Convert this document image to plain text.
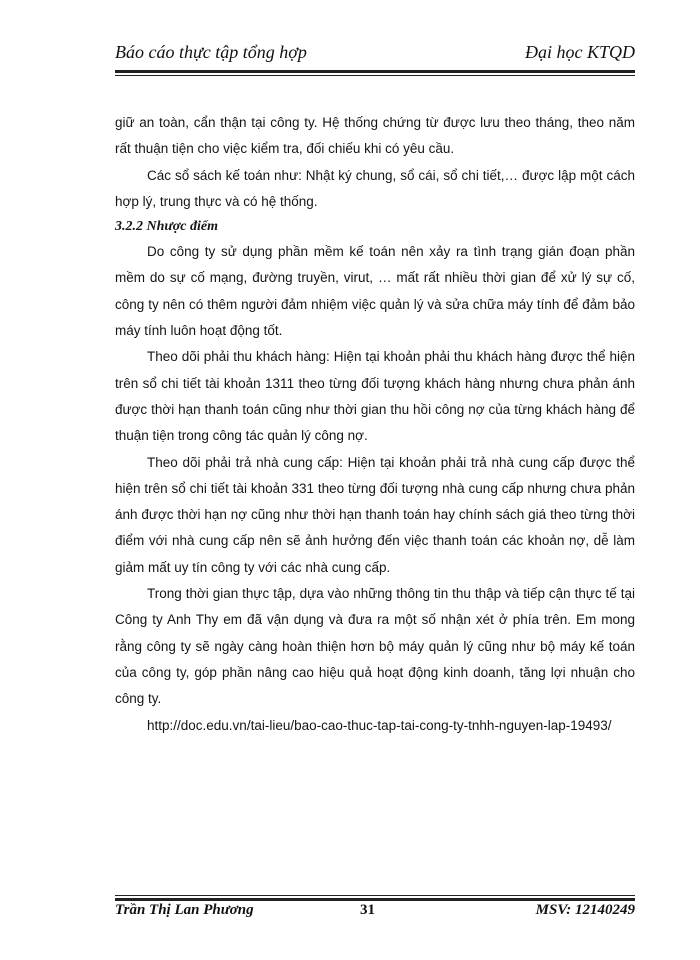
Báo cáo thực tập tổng hợp	Đại học KTQD

giữ an toàn, cẩn thận tại công ty. Hệ thống chứng từ được lưu theo tháng, theo năm rất thuận tiện cho việc kiểm tra, đối chiếu khi có yêu cầu.

Các sổ sách kế toán như: Nhật ký chung, sổ cái, sổ chi tiết,… được lập một cách hợp lý, trung thực và có hệ thống.

3.2.2 Nhược điểm

Do công ty sử dụng phần mềm kế toán nên xảy ra tình trạng gián đoạn phần mềm do sự cố mạng, đường truyền, virut, … mất rất nhiều thời gian để xử lý sự cố, công ty nên có thêm người đảm nhiệm việc quản lý và sửa chữa máy tính để đảm bảo máy tính luôn hoạt động tốt.

Theo dõi phải thu khách hàng: Hiện tại khoản phải thu khách hàng được thể hiện trên sổ chi tiết tài khoản 1311 theo từng đối tượng khách hàng nhưng chưa phản ánh được thời hạn thanh toán cũng như thời gian thu hồi công nợ của từng khách hàng để thuận tiện trong công tác quản lý công nợ.

Theo dõi phải trả nhà cung cấp: Hiện tại khoản phải trả nhà cung cấp được thể hiện trên sổ chi tiết tài khoản 331 theo từng đối tượng nhà cung cấp nhưng chưa phản ánh được thời hạn nợ cũng như thời hạn thanh toán hay chính sách giá theo từng thời điểm với nhà cung cấp nên sẽ ảnh hưởng đến việc thanh toán các khoản nợ, dễ làm giảm mất uy tín công ty với các nhà cung cấp.

Trong thời gian thực tập, dựa vào những thông tin thu thập và tiếp cận thực tế tại Công ty Anh Thy em đã vận dụng và đưa ra một số nhận xét ở phía trên. Em mong rằng công ty sẽ ngày càng hoàn thiện hơn bộ máy quản lý cũng như bộ máy kế toán của công ty, góp phần nâng cao hiệu quả hoạt động kinh doanh, tăng lợi nhuận cho công ty.

http://doc.edu.vn/tai-lieu/bao-cao-thuc-tap-tai-cong-ty-tnhh-nguyen-lap-19493/

Trần Thị Lan Phương	31	MSV: 12140249
